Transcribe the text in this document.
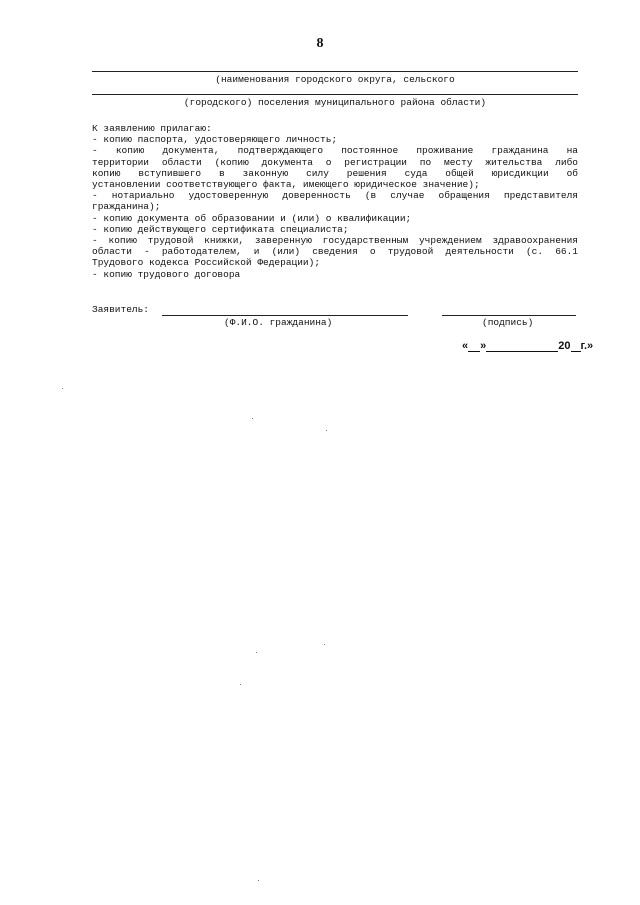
8
(наименования городского округа, сельского
(городского) поселения муниципального района области)
К заявлению прилагаю:
- копию паспорта, удостоверяющего личность;
- копию документа, подтверждающего постоянное проживание гражданина на
территории области (копию документа о регистрации по месту жительства либо
копию вступившего в законную силу решения суда общей юрисдикции об
установлении соответствующего факта, имеющего юридическое значение);
- нотариально удостоверенную доверенность (в случае обращения представителя
гражданина);
- копию документа об образовании и (или) о квалификации;
- копию действующего сертификата специалиста;
- копию трудовой книжки, заверенную государственным учреждением здравоохранения
области - работодателем, и (или) сведения о трудовой деятельности (с. 66.1
Трудового кодекса Российской Федерации);
- копию трудового договора
Заявитель:
(Ф.И.О. гражданина)	(подпись)
« »	20 г.»
